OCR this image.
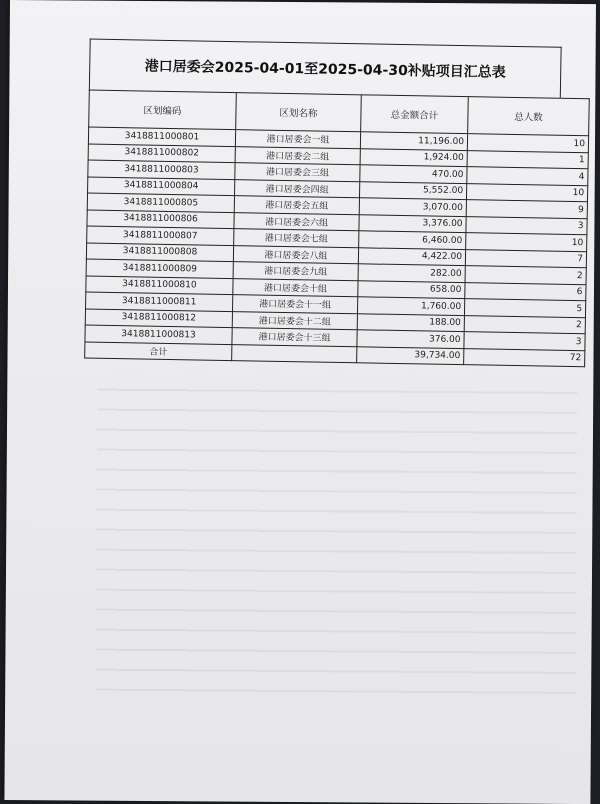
港口居委会2025-04-01至2025-04-30补贴项目汇总表
区划编码	区划名称	总金额合计	总人数
3418811000801	港口居委会一组	11,196.00	10
3418811000802	港口居委会二组	1,924.00	1
3418811000803	港口居委会三组	470.00	4
3418811000804	港口居委会四组	5,552.00	10
3418811000805	港口居委会五组	3,070.00	9
3418811000806	港口居委会六组	3,376.00	3
3418811000807	港口居委会七组	6,460.00	10
3418811000808	港口居委会八组	4,422.00	7
3418811000809	港口居委会九组	282.00	2
3418811000810	港口居委会十组	658.00	6
3418811000811	港口居委会十一组	1,760.00	5
3418811000812	港口居委会十二组	188.00	2
3418811000813	港口居委会十三组	376.00	3
合计		39,734.00	72
